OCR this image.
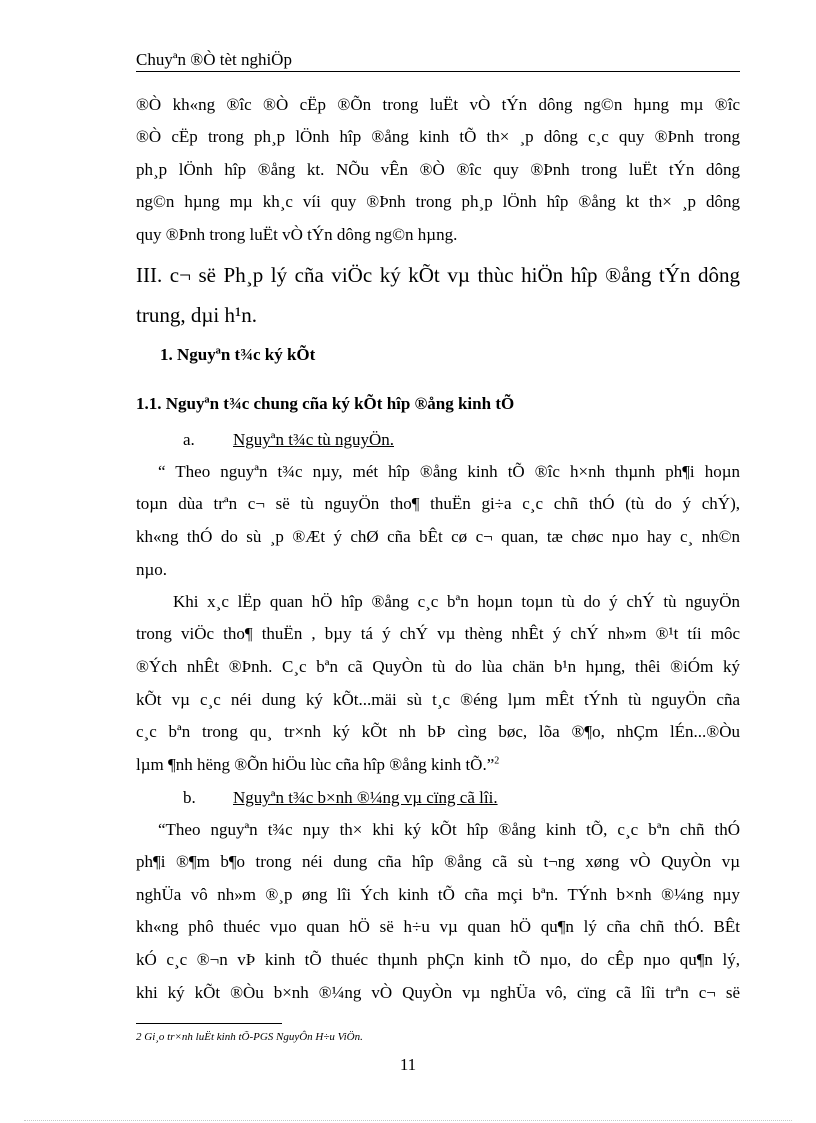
Chuyªn ®Ò tèt nghiÖp
®Ò kh«ng ®îc ®Ò cËp ®Õn trong luËt vÒ tÝn dông ng©n hµng mµ ®îc
®Ò cËp trong ph¸p lÖnh hîp ®ång kinh tÕ th× ¸p dông c¸c quy ®Þnh trong
ph¸p lÖnh hîp ®ång kt. NÕu vÊn ®Ò ®îc quy ®Þnh trong luËt tÝn dông
ng©n hµng mµ kh¸c víi quy ®Þnh trong ph¸p lÖnh hîp ®ång kt th× ¸p dông
quy ®Þnh trong luËt vÒ tÝn dông ng©n hµng.
III. c¬ së Ph¸p lý cña viÖc ký kÕt vµ thùc hiÖn hîp ®ång tÝn dông
trung, dµi h¹n.
1. Nguyªn t¾c ký kÕt
1.1. Nguyªn t¾c chung cña ký kÕt hîp ®ång kinh tÕ
a. Nguyªn t¾c tù nguyÖn.
“ Theo nguyªn t¾c nµy, mét hîp ®ång kinh tÕ ®îc h×nh thµnh ph¶i hoµn
toµn dùa trªn c¬ së tù nguyÖn tho¶ thuËn gi÷a c¸c chñ thÓ (tù do ý chÝ),
kh«ng thÓ do sù ¸p ®Æt ý chØ cña bÊt cø c¬ quan, tæ chøc nµo hay c¸ nh©n
nµo.
Khi x¸c lËp quan hÖ hîp ®ång c¸c bªn hoµn toµn tù do ý chÝ tù nguyÖn
trong viÖc tho¶ thuËn , bµy tá ý chÝ vµ thèng nhÊt ý chÝ nh»m ®¹t tíi môc
®Ých nhÊt ®Þnh. C¸c bªn cã QuyÒn tù do lùa chän b¹n hµng, thêi ®iÓm ký
kÕt vµ c¸c néi dung ký kÕt...mäi sù t¸c ®éng lµm mÊt tÝnh tù nguyÖn cña
c¸c bªn trong qu¸ tr×nh ký kÕt nh bÞ cìng bøc, lõa ®¶o, nhÇm lÉn...®Òu
lµm ¶nh hëng ®Õn hiÖu lùc cña hîp ®ång kinh tÕ.”$^2$
b. Nguyªn t¾c b×nh ®¼ng vµ cïng cã lîi.
“Theo nguyªn t¾c nµy th× khi ký kÕt hîp ®ång kinh tÕ, c¸c bªn chñ thÓ
ph¶i ®¶m b¶o trong néi dung cña hîp ®ång cã sù t¬ng xøng vÒ QuyÒn vµ
nghÜa vô nh»m ®¸p øng lîi Ých kinh tÕ cña mçi bªn. TÝnh b×nh ®¼ng nµy
kh«ng phô thuéc vµo quan hÖ së h÷u vµ quan hÖ qu¶n lý cña chñ thÓ. BÊt
kÓ c¸c ®¬n vÞ kinh tÕ thuéc thµnh phÇn kinh tÕ nµo, do cÊp nµo qu¶n lý,
khi ký kÕt ®Òu b×nh ®¼ng vÒ QuyÒn vµ nghÜa vô, cïng cã lîi trªn c¬ së
2 Gi¸o tr×nh luËt kinh tÕ-PGS NguyÔn H÷u ViÖn.
11
